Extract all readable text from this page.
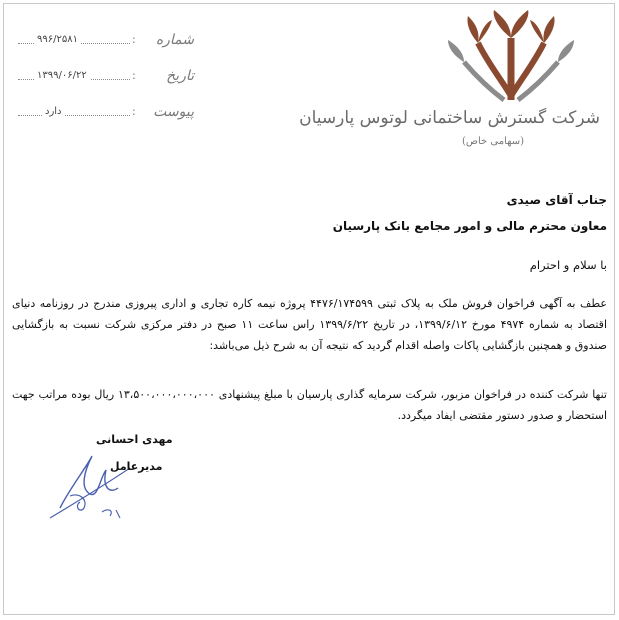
۹۹۶/۲۵۸۱	: شماره
۱۳۹۹/۰۶/۲۲	: تاریخ
دارد	: پیوست	شرکت گسترش ساختمانی لوتوس پارسیان
(سهامی خاص)
جناب آقای صیدی
معاون محترم مالی و امور مجامع بانک پارسیان
با سلام و احترام
عطف به آگهی فراخوان فروش ملک به پلاک ثبتی ۴۴۷۶/۱۷۴۵۹۹ پروژه نیمه کاره تجاری و اداری پیروزی مندرج در روزنامه دنیای اقتصاد به شماره ۴۹۷۴ مورخ ۱۳۹۹/۶/۱۲، در تاریخ ۱۳۹۹/۶/۲۲ راس ساعت ۱۱ صبح در دفتر مرکزی شرکت نسبت به بازگشایی صندوق و همچنین بازگشایی پاکات واصله اقدام گردید که نتیجه آن به شرح ذیل می‌باشد:
تنها شرکت کننده در فراخوان مزبور، شرکت سرمایه گذاری پارسیان با مبلغ پیشنهادی ۱۳،۵۰۰،۰۰۰،۰۰۰،۰۰۰ ریال بوده مراتب جهت استحضار و صدور دستور مقتضی ایفاد میگردد.
مهدی احسانی
مدیرعامل
